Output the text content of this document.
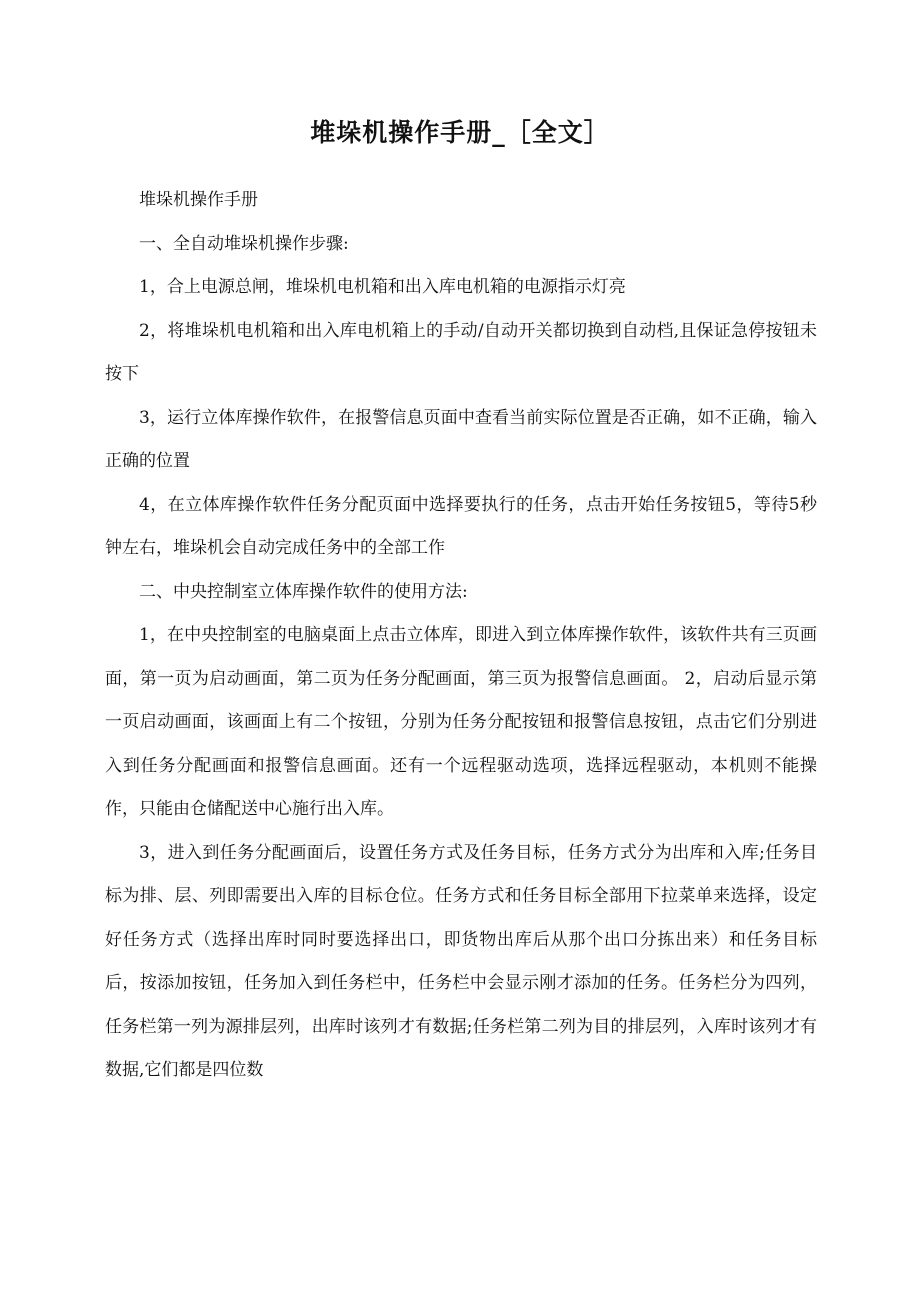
堆垛机操作手册_［全文］

堆垛机操作手册

一、全自动堆垛机操作步骤:

1，合上电源总闸，堆垛机电机箱和出入库电机箱的电源指示灯亮

2，将堆垛机电机箱和出入库电机箱上的手动/自动开关都切换到自动档,且保证急停按钮未按下

3，运行立体库操作软件，在报警信息页面中查看当前实际位置是否正确，如不正确，输入正确的位置

4，在立体库操作软件任务分配页面中选择要执行的任务，点击开始任务按钮5，等待5秒钟左右，堆垛机会自动完成任务中的全部工作

二、中央控制室立体库操作软件的使用方法:

1，在中央控制室的电脑桌面上点击立体库，即进入到立体库操作软件，该软件共有三页画面，第一页为启动画面，第二页为任务分配画面，第三页为报警信息画面。 2，启动后显示第一页启动画面，该画面上有二个按钮，分别为任务分配按钮和报警信息按钮，点击它们分别进入到任务分配画面和报警信息画面。还有一个远程驱动选项，选择远程驱动，本机则不能操作，只能由仓储配送中心施行出入库。

3，进入到任务分配画面后，设置任务方式及任务目标，任务方式分为出库和入库;任务目标为排、层、列即需要出入库的目标仓位。任务方式和任务目标全部用下拉菜单来选择，设定好任务方式（选择出库时同时要选择出口，即货物出库后从那个出口分拣出来）和任务目标后，按添加按钮，任务加入到任务栏中，任务栏中会显示刚才添加的任务。任务栏分为四列，任务栏第一列为源排层列，出库时该列才有数据;任务栏第二列为目的排层列，入库时该列才有数据,它们都是四位数
